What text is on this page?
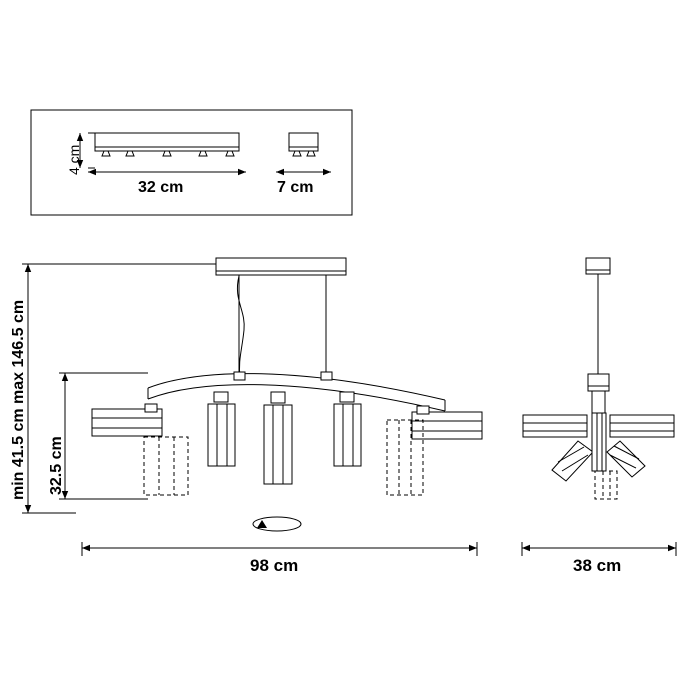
4 cm
32 cm	7 cm
min 41.5 cm max 146.5 cm 32.5 cm
98 cm	38 cm
